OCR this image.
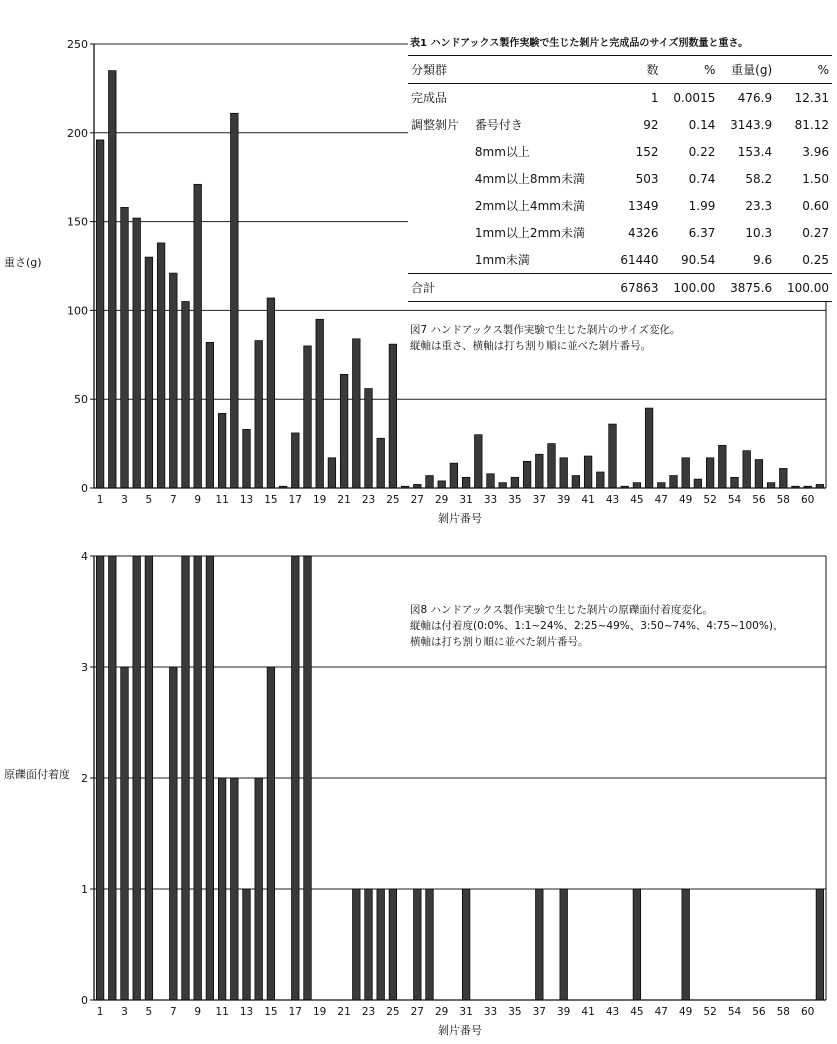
0
50
100
150
200
250
1 3 5 7 9 11 13 15 17 19 21 23 25 27 29 31 33 35 37 39 41 43 45 47 49 52 54 56 58 60
剝片番号
重さ(g)
0
1
2
3
4
1 3 5 7 9 11 13 15 17 19 21 23 25 27 29 31 33 35 37 39 41 43 45 47 49 52 54 56 58 60
剝片番号
原礫面付着度
表1 ハンドアックス製作実験で生じた剝片と完成品のサイズ別数量と重さ。
分類群		数	%	重量(g)	%
完成品		1	0.0015	476.9	12.31
調整剝片	番号付き	92	0.14	3143.9	81.12
	8mm以上	152	0.22	153.4	3.96
	4mm以上8mm未満	503	0.74	58.2	1.50
	2mm以上4mm未満	1349	1.99	23.3	0.60
	1mm以上2mm未満	4326	6.37	10.3	0.27
	1mm未満	61440	90.54	9.6	0.25
合計		67863	100.00	3875.6	100.00
図7 ハンドアックス製作実験で生じた剝片のサイズ変化。
縦軸は重さ、横軸は打ち割り順に並べた剝片番号。
図8 ハンドアックス製作実験で生じた剝片の原礫面付着度変化。
縦軸は付着度(0:0%、1:1~24%、2:25~49%、3:50~74%、4:75~100%)、
横軸は打ち割り順に並べた剝片番号。
